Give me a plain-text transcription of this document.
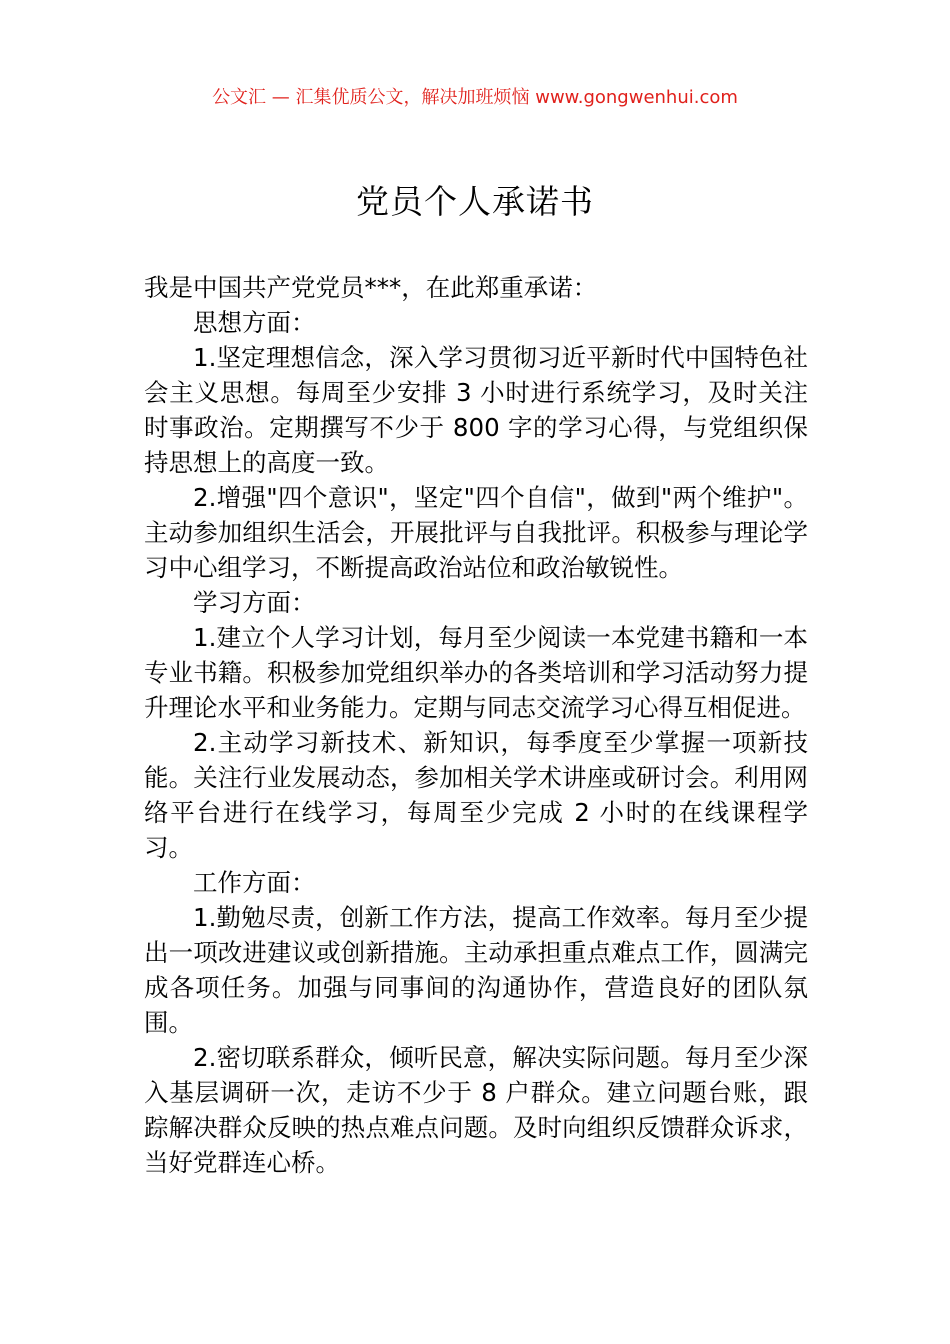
公文汇 — 汇集优质公文，解决加班烦恼 www.gongwenhui.com
党员个人承诺书

我是中国共产党党员***，在此郑重承诺：

思想方面：

1.坚定理想信念，深入学习贯彻习近平新时代中国特色社会主义思想。每周至少安排 3 小时进行系统学习，及时关注时事政治。定期撰写不少于 800 字的学习心得，与党组织保持思想上的高度一致。

2.增强"四个意识"，坚定"四个自信"，做到"两个维护"。主动参加组织生活会，开展批评与自我批评。积极参与理论学习中心组学习，不断提高政治站位和政治敏锐性。

学习方面：

1.建立个人学习计划，每月至少阅读一本党建书籍和一本专业书籍。积极参加党组织举办的各类培训和学习活动努力提升理论水平和业务能力。定期与同志交流学习心得互相促进。

2.主动学习新技术、新知识，每季度至少掌握一项新技能。关注行业发展动态，参加相关学术讲座或研讨会。利用网络平台进行在线学习，每周至少完成 2 小时的在线课程学习。

工作方面：

1.勤勉尽责，创新工作方法，提高工作效率。每月至少提出一项改进建议或创新措施。主动承担重点难点工作，圆满完成各项任务。加强与同事间的沟通协作，营造良好的团队氛围。

2.密切联系群众，倾听民意，解决实际问题。每月至少深入基层调研一次，走访不少于 8 户群众。建立问题台账，跟踪解决群众反映的热点难点问题。及时向组织反馈群众诉求，当好党群连心桥。
